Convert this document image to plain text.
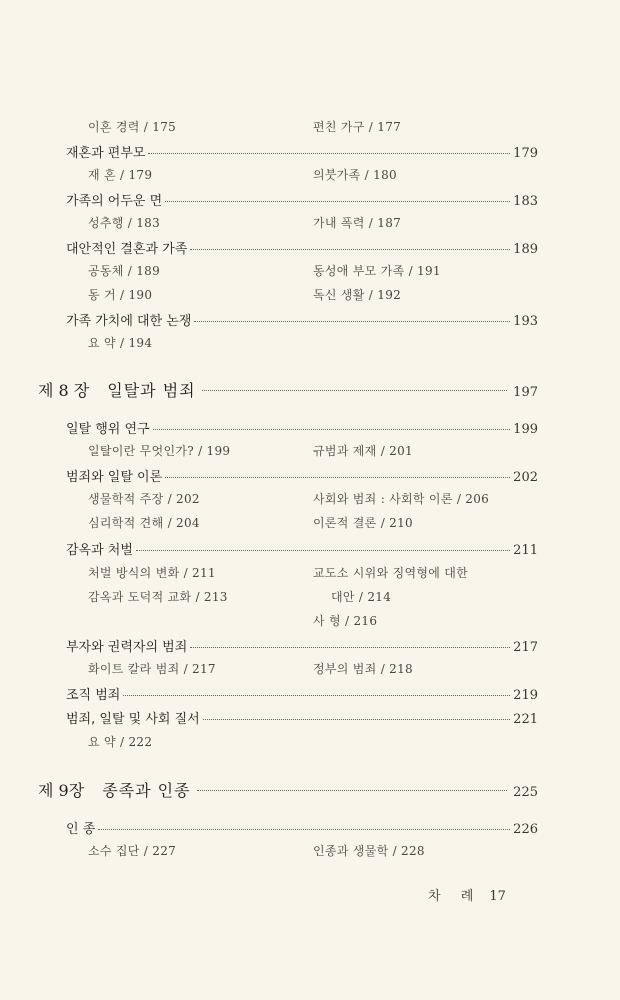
이혼 경력 / 175	편친 가구 / 177
재혼과 편부모	179
재 혼 / 179	의붓가족 / 180
가족의 어두운 면	183
성추행 / 183	가내 폭력 / 187
대안적인 결혼과 가족	189
공동체 / 189	동성애 부모 가족 / 191
동 거 / 190	독신 생활 / 192
가족 가치에 대한 논쟁	193
요 약 / 194
제 8 장 일탈과 범죄	197
일탈 행위 연구	199
일탈이란 무엇인가? / 199	규범과 제재 / 201
범죄와 일탈 이론	202
생물학적 주장 / 202	사회와 범죄 : 사회학 이론 / 206
심리학적 견해 / 204	이론적 결론 / 210
감옥과 처벌	211
처벌 방식의 변화 / 211	교도소 시위와 징역형에 대한
감옥과 도덕적 교화 / 213	대안 / 214
사 형 / 216
부자와 권력자의 범죄	217
화이트 칼라 범죄 / 217	정부의 범죄 / 218
조직 범죄	219
범죄, 일탈 및 사회 질서	221
요 약 / 222
제 9장 종족과 인종	225
인 종	226
소수 집단 / 227	인종과 생물학 / 228
차 례 17
